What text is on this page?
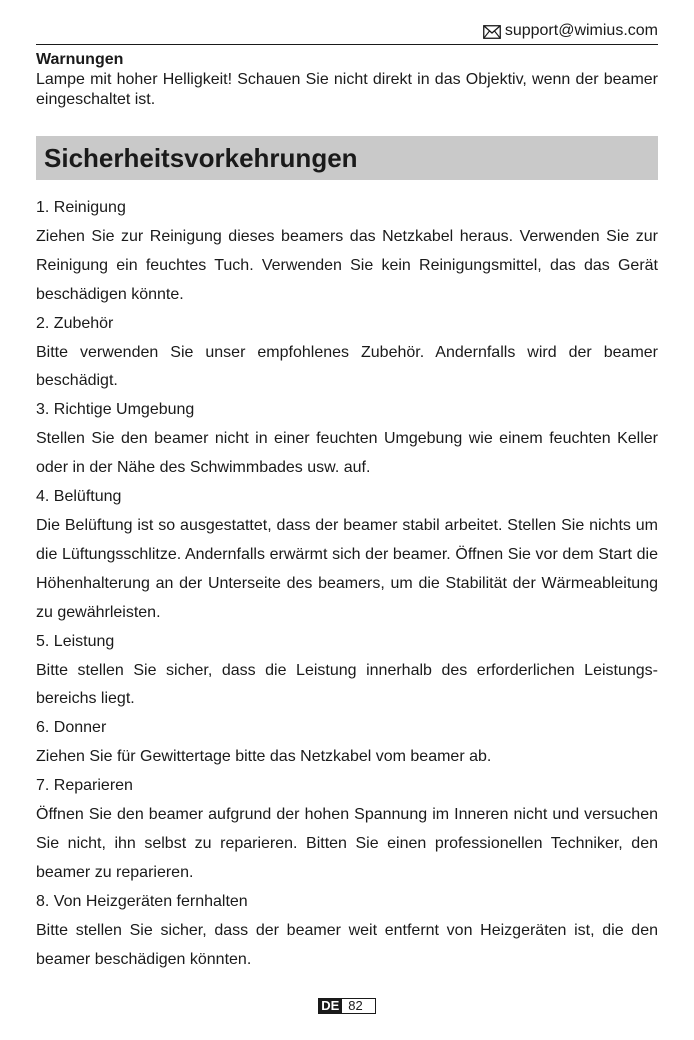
support@wimius.com
Warnungen
Lampe mit hoher Helligkeit! Schauen Sie nicht direkt in das Objektiv, wenn der beamer eingeschaltet ist.
Sicherheitsvorkehrungen
1. Reinigung
Ziehen Sie zur Reinigung dieses beamers das Netzkabel heraus. Verwenden Sie zur Reinigung ein feuchtes Tuch. Verwenden Sie kein Reinigungsmittel, das das Gerät beschädigen könnte.
2. Zubehör
Bitte verwenden Sie unser empfohlenes Zubehör. Andernfalls wird der beamer beschädigt.
3. Richtige Umgebung
Stellen Sie den beamer nicht in einer feuchten Umgebung wie einem feuchten Keller oder in der Nähe des Schwimmbades usw. auf.
4. Belüftung
Die Belüftung ist so ausgestattet, dass der beamer stabil arbeitet. Stellen Sie nichts um die Lüftungsschlitze. Andernfalls erwärmt sich der beamer. Öffnen Sie vor dem Start die Höhenhalterung an der Unterseite des beamers, um die Stabilität der Wärmeableitung zu gewährleisten.
5. Leistung
Bitte stellen Sie sicher, dass die Leistung innerhalb des erforderlichen Leistungs-bereichs liegt.
6. Donner
Ziehen Sie für Gewittertage bitte das Netzkabel vom beamer ab.
7. Reparieren
Öffnen Sie den beamer aufgrund der hohen Spannung im Inneren nicht und versuchen Sie nicht, ihn selbst zu reparieren. Bitten Sie einen professionellen Techniker, den beamer zu reparieren.
8. Von Heizgeräten fernhalten
Bitte stellen Sie sicher, dass der beamer weit entfernt von Heizgeräten ist, die den beamer beschädigen könnten.
DE 82
